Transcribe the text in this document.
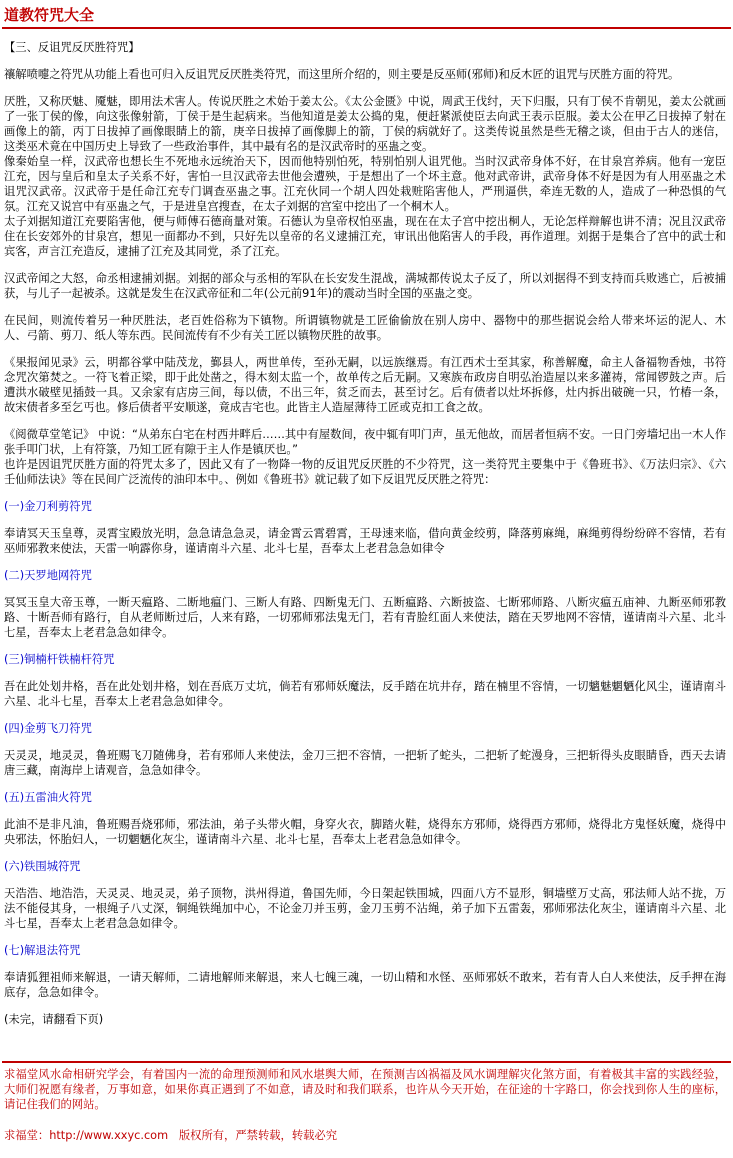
道教符咒大全

【三、反诅咒反厌胜符咒】

禳解喷嚏之符咒从功能上看也可归入反诅咒反厌胜类符咒，而这里所介绍的，则主要是反巫师(邪师)和反木匠的诅咒与厌胜方面的符咒。

厌胜，又称厌魅、魇魅，即用法术害人。传说厌胜之术始于姜太公。《太公金匮》中说，周武王伐纣，天下归服，只有丁侯不肯朝见，姜太公就画了一张丁侯的像，向这张像射箭，丁侯于是生起病来。当他知道是姜太公捣的鬼，便赶紧派使臣去向武王表示臣服。姜太公在甲乙日拔掉了射在画像上的箭，丙丁日拔掉了画像眼睛上的箭，庚辛日拔掉了画像脚上的箭，丁侯的病就好了。这类传说虽然是些无稽之谈，但由于古人的迷信，这类巫术竟在中国历史上导致了一些政治事件，其中最有名的是汉武帝时的巫蛊之变。

像秦始皇一样，汉武帝也想长生不死地永远统治天下，因而他特别怕死，特别怕别人诅咒他。当时汉武帝身体不好，在甘泉宫养病。他有一宠臣江充，因与皇后和皇太子关系不好，害怕一旦汉武帝去世他会遭殃，于是想出了一个坏主意。他对武帝讲，武帝身体不好是因为有人用巫蛊之术诅咒汉武帝。汉武帝于是任命江充专门调查巫蛊之事。江充伙同一个胡人四处栽赃陷害他人，严刑逼供，牵连无数的人，造成了一种恐惧的气氛。江充又说宫中有巫蛊之气，于是进皇宫搜查，在太子刘据的宫室中挖出了一个桐木人。

太子刘据知道江充要陷害他，便与师傅石德商量对策。石德认为皇帝权怕巫蛊，现在在太子宫中挖出桐人，无论怎样辩解也讲不清；况且汉武帝住在长安郊外的甘泉宫，想见一面都办不到，只好先以皇帝的名义逮捕江充，审讯出他陷害人的手段，再作道理。刘据于是集合了宫中的武士和宾客，声言江充造反，逮捕了江充及其同党，杀了江充。

汉武帝闻之大怒，命丞相逮捕刘据。刘据的部众与丞相的军队在长安发生混战，满城都传说太子反了，所以刘据得不到支持而兵败逃亡，后被捕获，与儿子一起被杀。这就是发生在汉武帝征和二年(公元前91年)的震动当时全国的巫蛊之变。

在民间，则流传着另一种厌胜法，老百姓俗称为下镇物。所谓镇物就是工匠偷偷放在别人房中、器物中的那些据说会给人带来坏运的泥人、木人、弓箭、剪刀、纸人等东西。民间流传有不少有关工匠以镇物厌胜的故事。

《果报闻见录》云，明都谷掌中陆茂龙，鄞县人，两世单传，至孙无嗣，以远族继焉。有江西术士至其家，称善解魔，命主人备福物香烛，书符念咒次第焚之。一符飞着正梁，即于此处凿之，得木刻太监一个，故单传之后无嗣。又寒族布政房自明弘治造屋以来多灌祷，常闻锣鼓之声。后遭洪水破壁见插鼓一具。又余家有店房三间，每以债，不出三年，贫乏而去，甚至讨乞。后有债者以灶坏拆修，灶内拆出破碗一只，竹椿一条，故宋债者多至乞丐也。修后债者平安顺遂，竟成吉宅也。此皆主人造屋薄待工匠或克扣工食之故。

《阅微草堂笔记》 中说：“从弟东白宅在村西井畔后……其中有屋数间，夜中辄有叩门声，虽无他故，而居者恒病不安。一日门旁墙圮出一木人作张手叩门状，上有符箓，乃知工匠有隙于主人作是镇厌也。”

也许是因诅咒厌胜方面的符咒太多了，因此又有了一物降一物的反诅咒反厌胜的不少符咒，这一类符咒主要集中于《鲁班书》、《万法归宗》、《六壬仙师法诀》等在民间广泛流传的油印本中。、例如《鲁班书》就记载了如下反诅咒反厌胜之符咒：

(一)金刀利剪符咒

奉请冥天玉皇尊，灵霄宝殿放光明，急急请急急灵，请金霄云霄碧霄，王母速来临，借向黄金绞剪，降落剪麻绳，麻绳剪得纷纷碎不容情，若有巫师邪教来使法，天雷一响霹你身，谨请南斗六星、北斗七星，吾奉太上老君急急如律令

(二)天罗地网符咒

冥冥玉皇大帝玉尊，一断天瘟路、二断地瘟门、三断人有路、四断鬼无门、五断瘟路、六断披盗、七断邪师路、八断灾瘟五庙神、九断巫师邪教路、十断吾师有路行，自从老师断过后，人来有路，一切邪师邪法鬼无门，若有青脸红面人来使法，踏在天罗地网不容情，谨请南斗六星、北斗七星，吾奉太上老君急急如律令。

(三)铜楠杆铁楠杆符咒

吾在此处划井格，吾在此处划井格，划在吾底万丈坑，倘若有邪师妖魔法，反手踏在坑井存，踏在楠里不容情，一切魑魅魍魉化风尘，谨请南斗六星、北斗七星，吾奉太上老君急急如律令。

(四)金剪飞刀符咒

天灵灵，地灵灵，鲁班赐飞刀随佛身，若有邪师人来使法，金刀三把不容情，一把斩了蛇头，二把斩了蛇漫身，三把斩得头皮眼睛昏，西天去请唐三藏，南海岸上请观音，急急如律令。

(五)五雷油火符咒

此油不是非凡油，鲁班赐吾烧邪师，邪法油，弟子头带火帽，身穿火衣，脚踏火鞋，烧得东方邪师，烧得西方邪师，烧得北方鬼怪妖魔，烧得中央邪法，怀胎妇人，一切魍魉化灰尘，谨请南斗六星、北斗七星，吾奉太上老君急急如律令。

(六)铁围城符咒

天浩浩、地浩浩，天灵灵、地灵灵，弟子顶物，洪州得道，鲁国先师，今日架起铁围城，四面八方不显形，铜墙壁万丈高，邪法师人站不拢，万法不能侵其身，一根绳子八丈深，铜绳铁绳加中心，不论金刀并玉剪，金刀玉剪不沾绳，弟子加下五雷轰，邪师邪法化灰尘，谨请南斗六星、北斗七星，吾奉太上老君急急如律令。

(七)解退法符咒

奉请狐狸祖师来解退，一请天解师，二请地解师来解退，来人七魄三魂，一切山精和水怪、巫师邪妖不敢来，若有青人白人来使法，反手押在海底存，急急如律令。

(未完，请翻看下页)

求福堂风水命相研究学会，有着国内一流的命理预测师和风水堪舆大师，在预测吉凶祸福及风水调理解灾化煞方面，有着极其丰富的实践经验，大师们祝愿有缘者，万事如意，如果你真正遇到了不如意，请及时和我们联系，也许从今天开始，在征途的十字路口，你会找到你人生的座标，请记住我们的网站。
求福堂：http://www.xxyc.com 版权所有，严禁转载，转载必究
